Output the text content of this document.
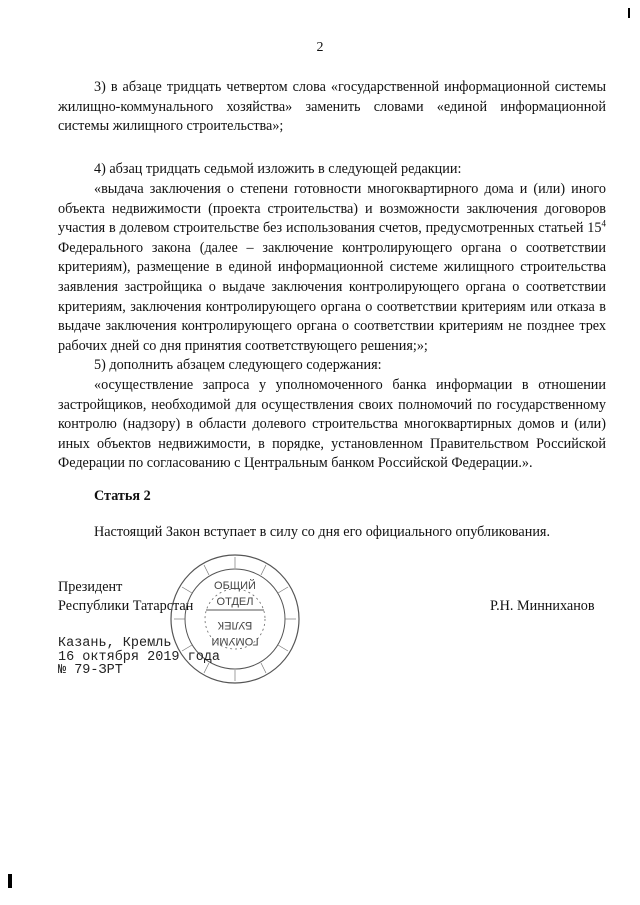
2

3) в абзаце тридцать четвертом слова «государственной информационной системы жилищно-коммунального хозяйства» заменить словами «единой информационной системы жилищного строительства»;

4) абзац тридцать седьмой изложить в следующей редакции:

«выдача заключения о степени готовности многоквартирного дома и (или) иного объекта недвижимости (проекта строительства) и возможности заключения договоров участия в долевом строительстве без использования счетов, предусмотренных статьей $15^4$ Федерального закона (далее – заключение контролирующего органа о соответствии критериям), размещение в единой информационной системе жилищного строительства заявления застройщика о выдаче заключения контролирующего органа о соответствии критериям, заключения контролирующего органа о соответствии критериям или отказа в выдаче заключения контролирующего органа о соответствии критериям не позднее трех рабочих дней со дня принятия соответствующего решения;»;

5) дополнить абзацем следующего содержания:

«осуществление запроса у уполномоченного банка информации в отношении застройщиков, необходимой для осуществления своих полномочий по государственному контролю (надзору) в области долевого строительства многоквартирных домов и (или) иных объектов недвижимости, в порядке, установленном Правительством Российской Федерации по согласованию с Центральным банком Российской Федерации.».

Статья 2

Настоящий Закон вступает в силу со дня его официального опубликования.

Президент
Республики Татарстан	Р.Н. Минниханов
ОБЩИЙ
ОТДЕЛ
БУЛЕК
ГОМУМИ
Казань, Кремль
16 октября 2019 года
№ 79-ЗРТ
